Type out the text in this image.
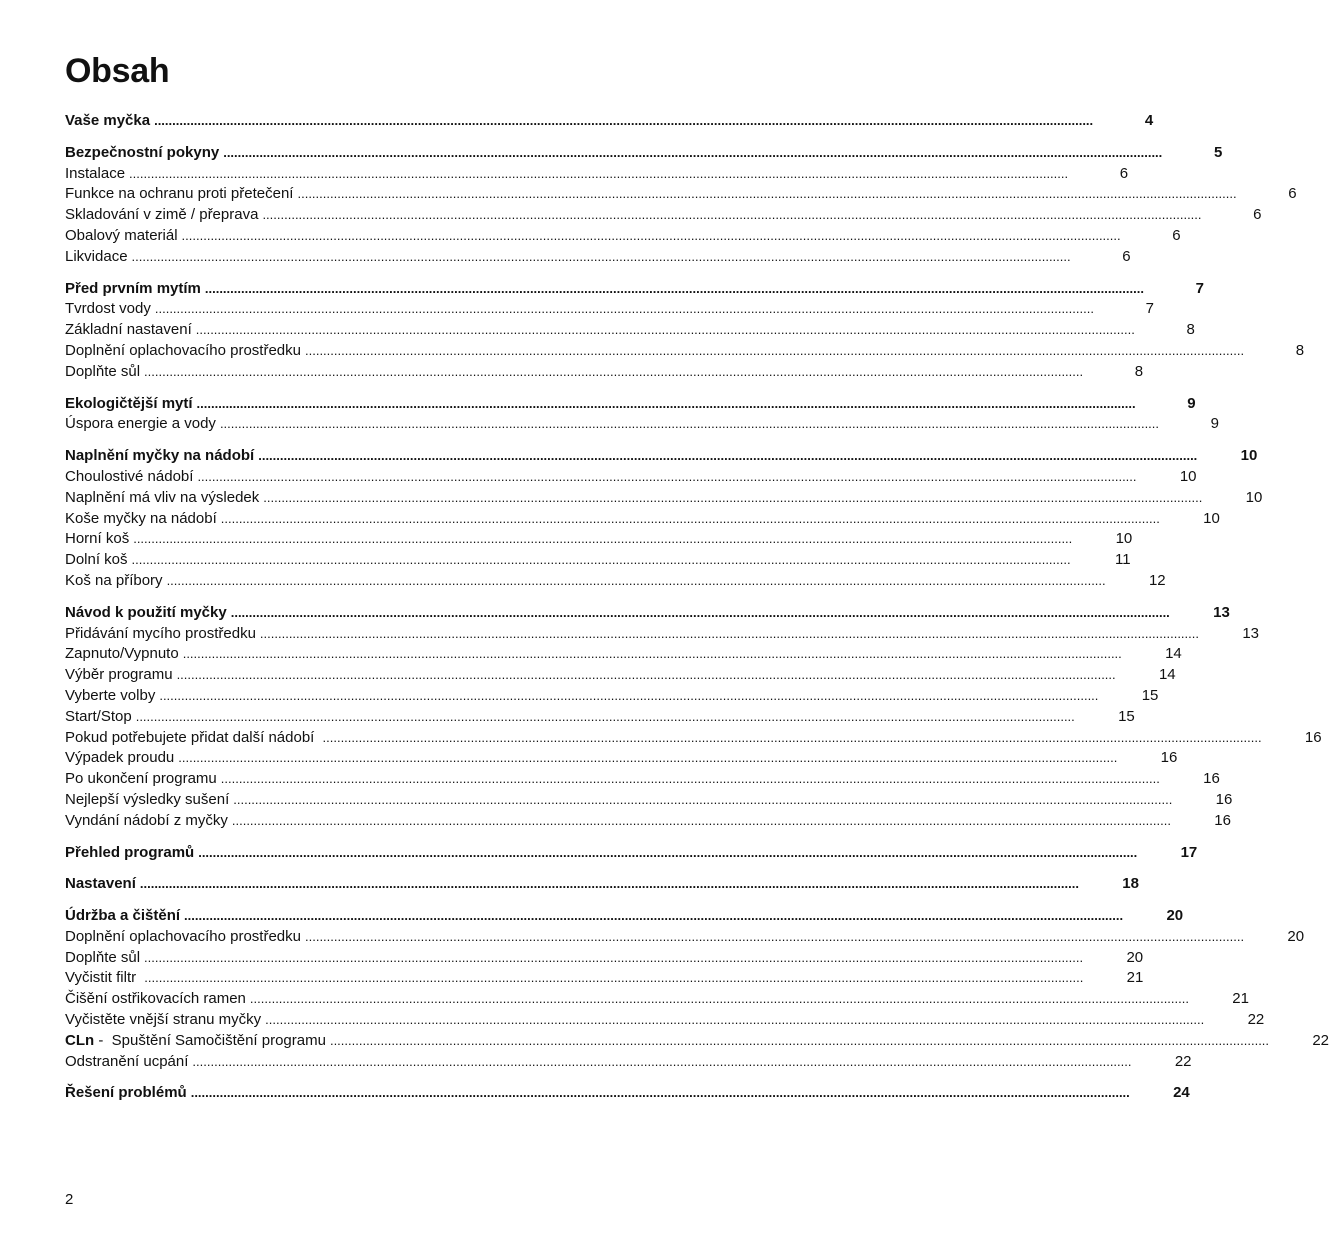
Obsah
Vaše myčka ....................................................................................................................................................................................................................................................................	4
Bezpečnostní pokyny ....................................................................................................................................................................................................................................................................	5
Instalace ....................................................................................................................................................................................................................................................................	6
Funkce na ochranu proti přetečení ....................................................................................................................................................................................................................................................................	6
Skladování v zimě / přeprava ....................................................................................................................................................................................................................................................................	6
Obalový materiál ....................................................................................................................................................................................................................................................................	6
Likvidace ....................................................................................................................................................................................................................................................................	6
Před prvním mytím ....................................................................................................................................................................................................................................................................	7
Tvrdost vody ....................................................................................................................................................................................................................................................................	7
Základní nastavení ....................................................................................................................................................................................................................................................................	8
Doplnění oplachovacího prostředku ....................................................................................................................................................................................................................................................................	8
Doplňte sůl ....................................................................................................................................................................................................................................................................	8
Ekologičtější mytí ....................................................................................................................................................................................................................................................................	9
Úspora energie a vody ....................................................................................................................................................................................................................................................................	9
Naplnění myčky na nádobí ....................................................................................................................................................................................................................................................................	10
Choulostivé nádobí ....................................................................................................................................................................................................................................................................	10
Naplnění má vliv na výsledek ....................................................................................................................................................................................................................................................................	10
Koše myčky na nádobí ....................................................................................................................................................................................................................................................................	10
Horní koš ....................................................................................................................................................................................................................................................................	10
Dolní koš ....................................................................................................................................................................................................................................................................	11
Koš na příbory ....................................................................................................................................................................................................................................................................	12
Návod k použití myčky ....................................................................................................................................................................................................................................................................	13
Přidávání mycího prostředku ....................................................................................................................................................................................................................................................................	13
Zapnuto/Vypnuto ....................................................................................................................................................................................................................................................................	14
Výběr programu ....................................................................................................................................................................................................................................................................	14
Vyberte volby ....................................................................................................................................................................................................................................................................	15
Start/Stop ....................................................................................................................................................................................................................................................................	15
Pokud potřebujete přidat další nádobí ....................................................................................................................................................................................................................................................................	16
Výpadek proudu ....................................................................................................................................................................................................................................................................	16
Po ukončení programu ....................................................................................................................................................................................................................................................................	16
Nejlepší výsledky sušení ....................................................................................................................................................................................................................................................................	16
Vyndání nádobí z myčky ....................................................................................................................................................................................................................................................................	16
Přehled programů ....................................................................................................................................................................................................................................................................	17
Nastavení ....................................................................................................................................................................................................................................................................	18
Údržba a čištění ....................................................................................................................................................................................................................................................................	20
Doplnění oplachovacího prostředku ....................................................................................................................................................................................................................................................................	20
Doplňte sůl ....................................................................................................................................................................................................................................................................	20
Vyčistit filtr ....................................................................................................................................................................................................................................................................	21
Čišění ostřikovacích ramen ....................................................................................................................................................................................................................................................................	21
Vyčistěte vnější stranu myčky ....................................................................................................................................................................................................................................................................	22
CLn -  Spuštění Samočištění programu ....................................................................................................................................................................................................................................................................	22
Odstranění ucpání ....................................................................................................................................................................................................................................................................	22
Řešení problémů ....................................................................................................................................................................................................................................................................	24
2
